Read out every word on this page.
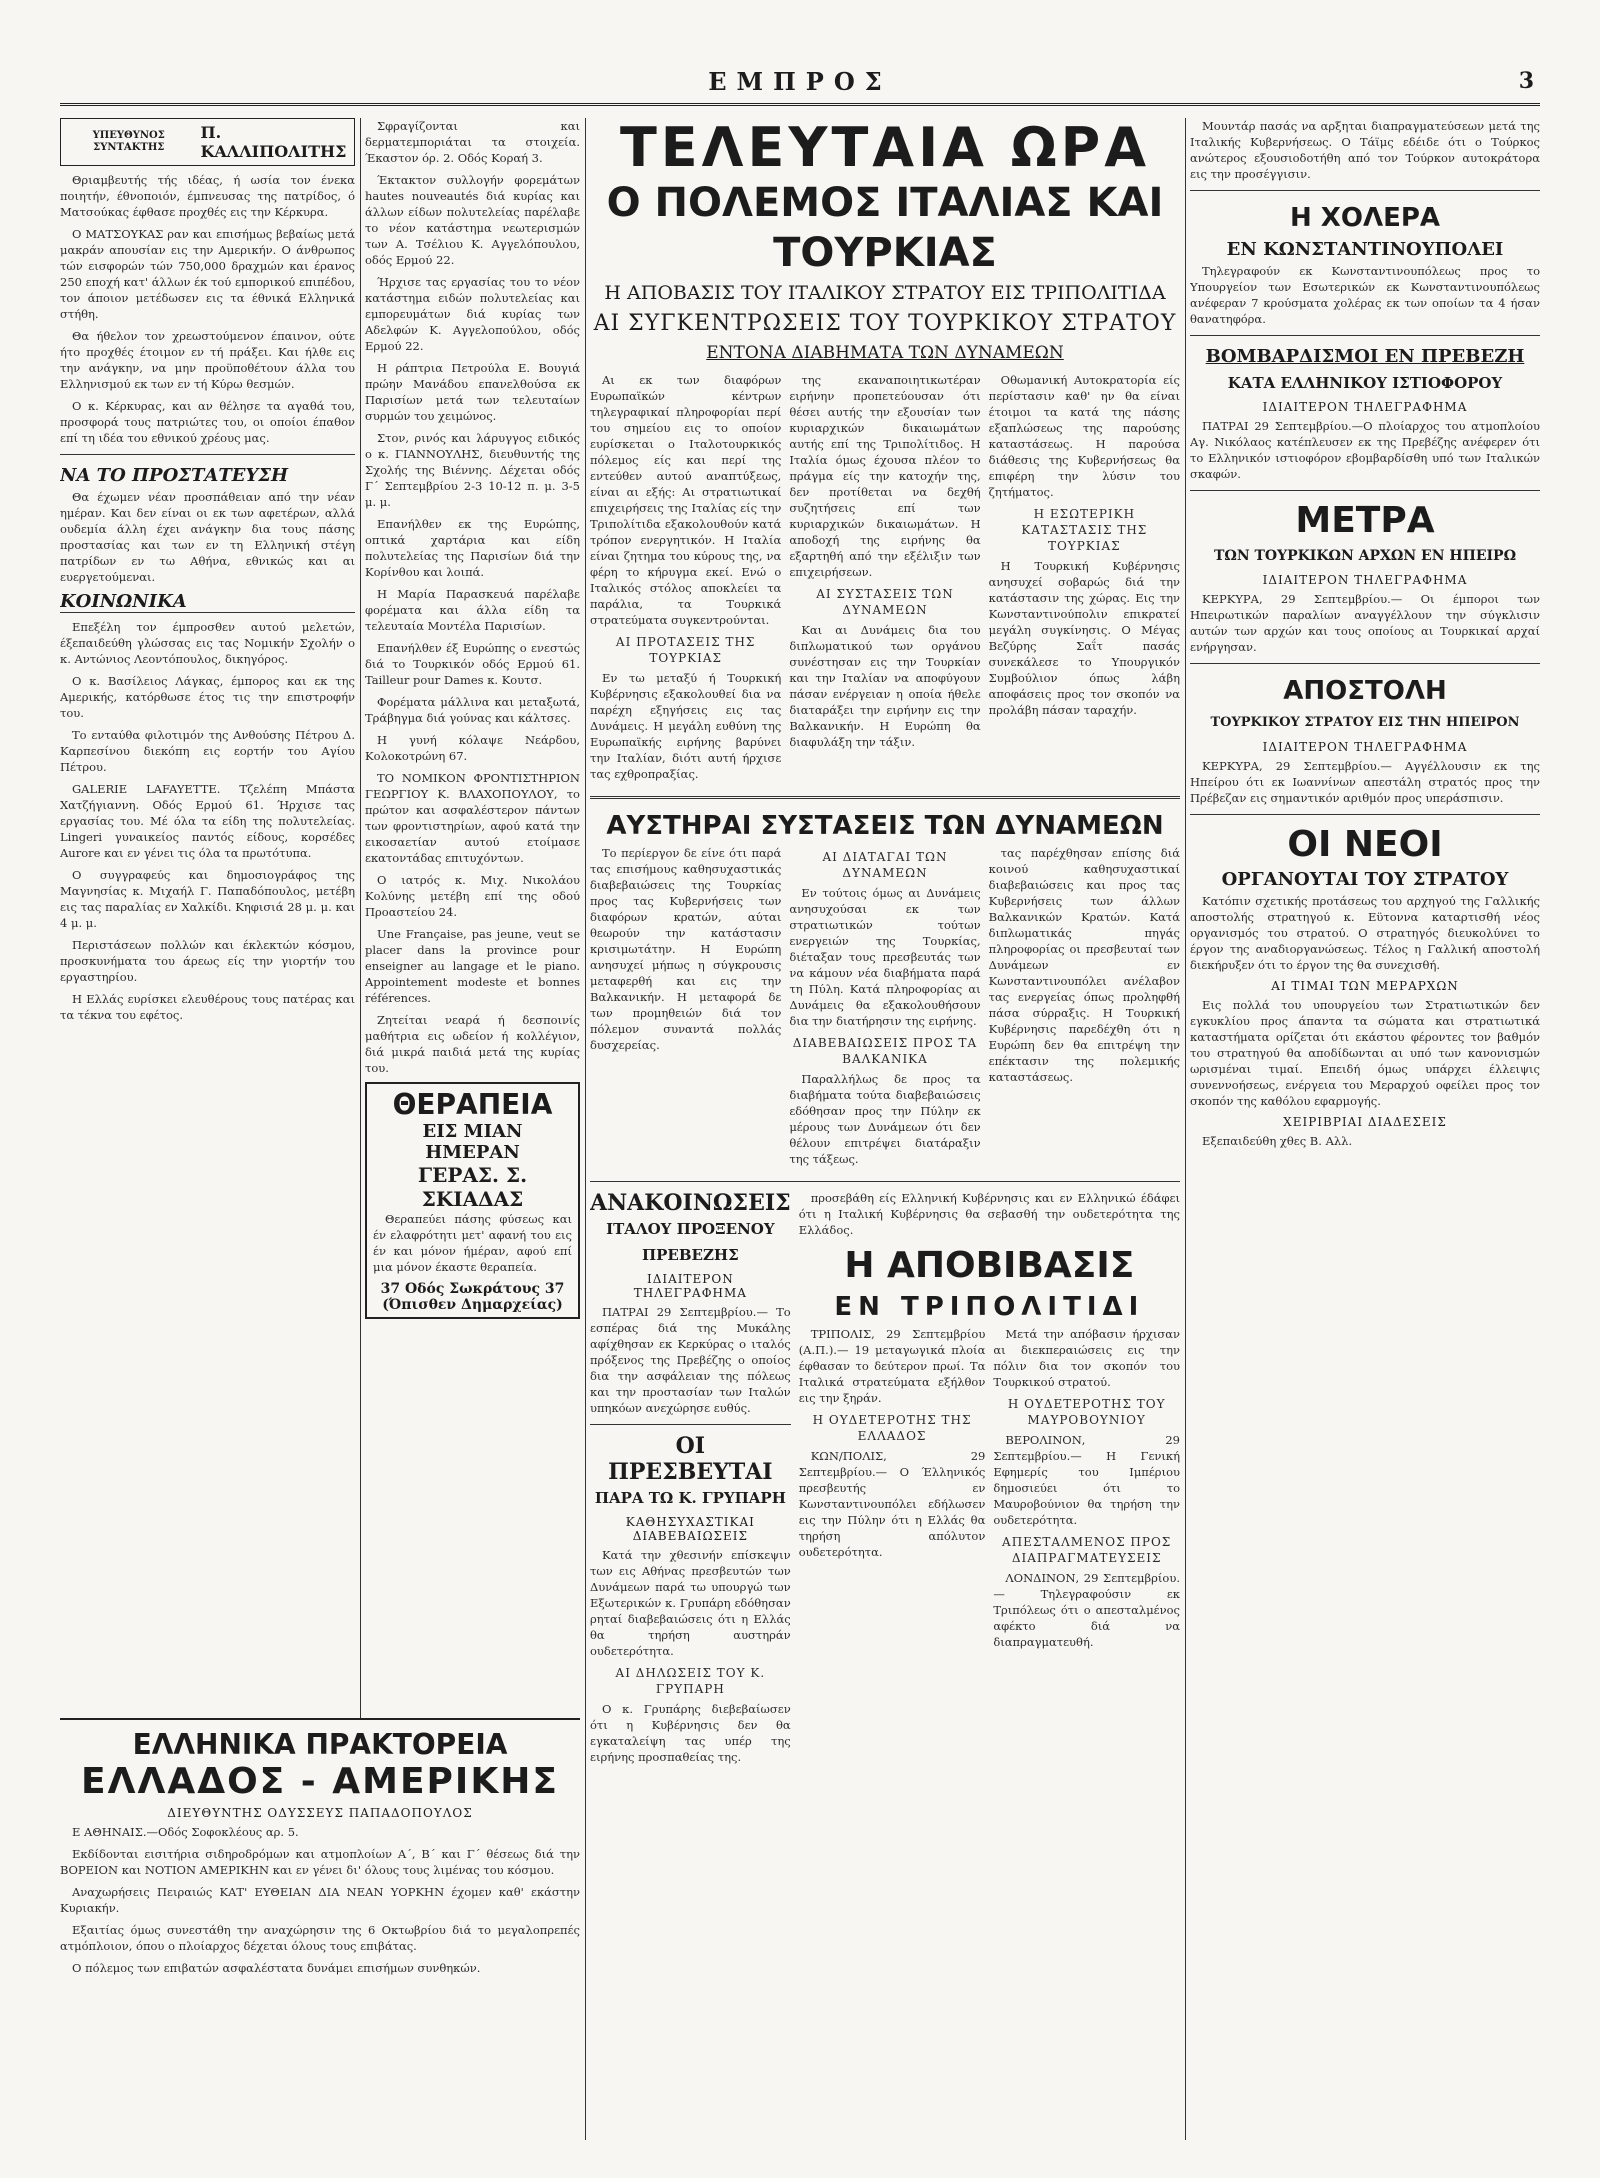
ΕΜΠΡΟΣ	3
ΥΠΕΥΘΥΝΟΣ ΣΥΝΤΑΚΤΗΣ
Π. ΚΑΛΛΙΠΟΛΙΤΗΣ

Θριαμβευτής τής ιδέας, ή ωσία τον ένεκα ποιητήν, έθνοποιόν, έμπνευσας της πατρίδος, ό Ματσούκας έφθασε προχθές εις την Κέρκυρα.

Ο ΜΑΤΣΟΥΚΑΣ ραν και επισήμως βεβαίως μετά μακράν απουσίαν εις την Αμερικήν. Ο άνθρωπος τών εισφορών τών 750,000 δραχμών και έρανος 250 εποχή κατ' άλλων έκ τού εμπορικού επιπέδου, τον άποιον μετέδωσεν εις τα έθνικά Ελληνικά στήθη.

Θα ήθελον τον χρεωστούμενον έπαινον, ούτε ήτο προχθές έτοιμον εν τή πράξει. Και ήλθε εις την ανάγκην, να μην προϋποθέτουν άλλα του Ελληνισμού εκ των εν τή Κύρω θεσμών.

Ο κ. Κέρκυρας, και αν θέλησε τα αγαθά του, προσφορά τους πατριώτες του, οι οποίοι έπαθον επί τη ιδέα του εθνικού χρέους μας.

ΝΑ ΤΟ ΠΡΟΣΤΑΤΕΥΣΗ

Θα έχωμεν νέαν προσπάθειαν από την νέαν ημέραν. Και δεν είναι οι εκ των αφετέρων, αλλά ουδεμία άλλη έχει ανάγκην δια τους πάσης προστασίας και των εν τη Ελληνική στέγη πατρίδων εν τω Αθήνα, εθνικώς και αι ευεργετούμεναι.

ΚΟΙΝΩΝΙΚΑ

Επεξέλη τον έμπροσθεν αυτού μελετών, έξεπαιδεύθη γλώσσας εις τας Νομικήν Σχολήν ο κ. Αντώνιος Λεοντόπουλος, δικηγόρος.

Ο κ. Βασίλειος Λάγκας, έμπορος και εκ της Αμερικής, κατόρθωσε έτος τις την επιστροφήν του.

Το ενταύθα φιλοτιμόν της Ανθούσης Πέτρου Δ. Καρπεσίνου διεκόπη εις εορτήν του Αγίου Πέτρου.

GALERIE LAFAYETTE. Τζελέπη Μπάστα Χατζήγιαννη. Οδός Ερμού 61. Ήρχισε τας εργασίας του. Μέ όλα τα είδη της πολυτελείας. Lingeri γυναικείος παντός είδους, κορσέδες Aurore και εν γένει τις όλα τα πρωτότυπα.

Ο συγγραφεύς και δημοσιογράφος της Μαγνησίας κ. Μιχαήλ Γ. Παπαδόπουλος, μετέβη εις τας παραλίας εν Χαλκίδι. Κηφισιά 28 μ. μ. και 4 μ. μ.

Περιστάσεων πολλών και έκλεκτών κόσμου, προσκυνήματα του άρεως είς την γιορτήν του εργαστηρίου.

Η Ελλάς ευρίσκει ελευθέρους τους πατέρας και τα τέκνα του εφέτος.

Σφραγίζονται και δερματεμποριάται τα στοιχεία. Έκαστον όρ. 2. Οδός Κοραή 3.

Έκτακτον συλλογήν φορεμάτων hautes nouveautés διά κυρίας και άλλων είδων πολυτελείας παρέλαβε το νέον κατάστημα νεωτερισμών των Α. Τσέλιου Κ. Αγγελόπουλου, οδός Ερμού 22.

Ήρχισε τας εργασίας του το νέον κατάστημα ειδών πολυτελείας και εμπορευμάτων διά κυρίας των Αδελφών Κ. Αγγελοπούλου, οδός Ερμού 22.

Η ράπτρια Πετρούλα Ε. Βουγιά πρώην Μανάδου επανελθούσα εκ Παρισίων μετά των τελευταίων συρμών του χειμώνος.

Στον, ρινός και λάρυγγος ειδικός ο κ. ΓΙΑΝΝΟΥΛΗΣ, διευθυντής της Σχολής της Βιέννης. Δέχεται οδός Γ΄ Σεπτεμβρίου 2-3 10-12 π. μ. 3-5 μ. μ.

Επανήλθεν εκ της Ευρώπης, οπτικά χαρτάρια και είδη πολυτελείας της Παρισίων διά την Κορίνθου και λοιπά.

Η Μαρία Παρασκευά παρέλαβε φορέματα και άλλα είδη τα τελευταία Μοντέλα Παρισίων.

Επανήλθεν έξ Ευρώπης ο ενεστώς διά το Τουρκικόν οδός Ερμού 61. Tailleur pour Dames κ. Κουτσ.

Φορέματα μάλλινα και μεταξωτά, Τράβηγμα διά γούνας και κάλτσες.

Η γυνή κόλαψε Νεάρδου, Κολοκοτρώνη 67.

ΤΟ ΝΟΜΙΚΟΝ ΦΡΟΝΤΙΣΤΗΡΙΟΝ ΓΕΩΡΓΙΟΥ Κ. ΒΛΑΧΟΠΟΥΛΟΥ, το πρώτον και ασφαλέστερον πάντων των φροντιστηρίων, αφού κατά την εικοσαετίαν αυτού ετοίμασε εκατοντάδας επιτυχόντων.

Ο ιατρός κ. Μιχ. Νικολάου Κολύνης μετέβη επί της οδού Προαστείου 24.

Une Française, pas jeune, veut se placer dans la province pour enseigner au langage et le piano. Appointement modeste et bonnes références.

Ζητείται νεαρά ή δεσποινίς μαθήτρια εις ωδείον ή κολλέγιον, διά μικρά παιδιά μετά της κυρίας του.

ΘΕΡΑΠΕΙΑ
ΕΙΣ ΜΙΑΝ ΗΜΕΡΑΝ
ΓΕΡΑΣ. Σ. ΣΚΙΑΔΑΣ

Θεραπεύει πάσης φύσεως και έν ελαφρότητι μετ' αφανή του εις έν και μόνον ήμέραν, αφού επί μια μόνον έκαστε θεραπεία.

37 Οδός Σωκράτους 37 (Όπισθεν Δημαρχείας)
ΕΛΛΗΝΙΚΑ ΠΡΑΚΤΟΡΕΙΑ
ΕΛΛΑΔΟΣ - ΑΜΕΡΙΚΗΣ
ΔΙΕΥΘΥΝΤΗΣ ΟΔΥΣΣΕΥΣ ΠΑΠΑΔΟΠΟΥΛΟΣ

Ε ΑΘΗΝΑΙΣ.—Οδός Σοφοκλέους αρ. 5.

Εκδίδονται εισιτήρια σιδηροδρόμων και ατμοπλοίων Α΄, Β΄ και Γ΄ θέσεως διά την ΒΟΡΕΙΟΝ και ΝΟΤΙΟΝ ΑΜΕΡΙΚΗΝ και εν γένει δι' όλους τους λιμένας του κόσμου.

Αναχωρήσεις Πειραιώς ΚΑΤ' ΕΥΘΕΙΑΝ ΔΙΑ ΝΕΑΝ ΥΟΡΚΗΝ έχομεν καθ' εκάστην Κυριακήν.

Εξαιτίας όμως συνεστάθη την αναχώρησιν της 6 Οκτωβρίου διά το μεγαλοπρεπές ατμόπλοιον, όπου ο πλοίαρχος δέχεται όλους τους επιβάτας.

Ο πόλεμος των επιβατών ασφαλέστατα δυνάμει επισήμων συνθηκών.

ΤΕΛΕΥΤΑΙΑ ΩΡΑ
Ο ΠΟΛΕΜΟΣ ΙΤΑΛΙΑΣ ΚΑΙ ΤΟΥΡΚΙΑΣ
Η ΑΠΟΒΑΣΙΣ ΤΟΥ ΙΤΑΛΙΚΟΥ ΣΤΡΑΤΟΥ ΕΙΣ ΤΡΙΠΟΛΙΤΙΔΑ
ΑΙ ΣΥΓΚΕΝΤΡΩΣΕΙΣ ΤΟΥ ΤΟΥΡΚΙΚΟΥ ΣΤΡΑΤΟΥ
ΕΝΤΟΝΑ ΔΙΑΒΗΜΑΤΑ ΤΩΝ ΔΥΝΑΜΕΩΝ

Αι εκ των διαφόρων Ευρωπαϊκών κέντρων τηλεγραφικαί πληροφορίαι περί του σημείου εις το οποίον ευρίσκεται ο Ιταλοτουρκικός πόλεμος είς και περί της εντεύθεν αυτού αναπτύξεως, είναι αι εξής: Αι στρατιωτικαί επιχειρήσεις της Ιταλίας είς την Τριπολίτιδα εξακολουθούν κατά τρόπον ενεργητικόν. Η Ιταλία είναι ζητημα του κύρους της, να φέρη το κήρυγμα εκεί. Ενώ ο Ιταλικός στόλος αποκλείει τα παράλια, τα Τουρκικά στρατεύματα συγκεντρούνται.

ΑΙ ΠΡΟΤΑΣΕΙΣ ΤΗΣ ΤΟΥΡΚΙΑΣ

Εν τω μεταξύ ή Τουρκική Κυβέρνησις εξακολουθεί δια να παρέχη εξηγήσεις εις τας Δυνάμεις. Η μεγάλη ευθύνη της Ευρωπαϊκής ειρήνης βαρύνει την Ιταλίαν, διότι αυτή ήρχισε τας εχθροπραξίας.

της εκαναποιητικωτέραν ειρήνην προπετεύουσαν ότι θέσει αυτής την εξουσίαν των κυριαρχικών δικαιωμάτων αυτής επί της Τριπολίτιδος. Η Ιταλία όμως έχουσα πλέον το πράγμα είς την κατοχήν της, δεν προτίθεται να δεχθή συζητήσεις επί των κυριαρχικών δικαιωμάτων. Η αποδοχή της ειρήνης θα εξαρτηθή από την εξέλιξιν των επιχειρήσεων.

ΑΙ ΣΥΣΤΑΣΕΙΣ ΤΩΝ ΔΥΝΑΜΕΩΝ

Και αι Δυνάμεις δια του διπλωματικού των οργάνου συνέστησαν εις την Τουρκίαν και την Ιταλίαν να αποφύγουν πάσαν ενέργειαν η οποία ήθελε διαταράξει την ειρήνην εις την Βαλκανικήν. Η Ευρώπη θα διαφυλάξη την τάξιν.

Οθωμανική Αυτοκρατορία είς περίστασιν καθ' ην θα είναι έτοιμοι τα κατά της πάσης εξαπλώσεως της παρούσης καταστάσεως. Η παρούσα διάθεσις της Κυβερνήσεως θα επιφέρη την λύσιν του ζητήματος.

Η ΕΣΩΤΕΡΙΚΗ ΚΑΤΑΣΤΑΣΙΣ ΤΗΣ ΤΟΥΡΚΙΑΣ

Η Τουρκική Κυβέρνησις ανησυχεί σοβαρώς διά την κατάστασιν της χώρας. Εις την Κωνσταντινούπολιν επικρατεί μεγάλη συγκίνησις. Ο Μέγας Βεζύρης Σαΐτ πασάς συνεκάλεσε το Υπουργικόν Συμβούλιον όπως λάβη αποφάσεις προς τον σκοπόν να προλάβη πάσαν ταραχήν.

ΑΥΣΤΗΡΑΙ ΣΥΣΤΑΣΕΙΣ ΤΩΝ ΔΥΝΑΜΕΩΝ

Το περίεργον δε είνε ότι παρά τας επισήμους καθησυχαστικάς διαβεβαιώσεις της Τουρκίας προς τας Κυβερνήσεις των διαφόρων κρατών, αύται θεωρούν την κατάστασιν κρισιμωτάτην. Η Ευρώπη ανησυχεί μήπως η σύγκρουσις μεταφερθή και εις την Βαλκανικήν. Η μεταφορά δε των προμηθειών διά τον πόλεμον συναντά πολλάς δυσχερείας.

ΑΙ ΔΙΑΤΑΓΑΙ ΤΩΝ ΔΥΝΑΜΕΩΝ

Εν τούτοις όμως αι Δυνάμεις ανησυχούσαι εκ των στρατιωτικών τούτων ενεργειών της Τουρκίας, διέταξαν τους πρεσβευτάς των να κάμουν νέα διαβήματα παρά τη Πύλη. Κατά πληροφορίας αι Δυνάμεις θα εξακολουθήσουν δια την διατήρησιν της ειρήνης.

ΔΙΑΒΕΒΑΙΩΣΕΙΣ ΠΡΟΣ ΤΑ ΒΑΛΚΑΝΙΚΑ

Παραλλήλως δε προς τα διαβήματα τούτα διαβεβαιώσεις εδόθησαν προς την Πύλην εκ μέρους των Δυνάμεων ότι δεν θέλουν επιτρέψει διατάραξιν της τάξεως.

τας παρέχθησαν επίσης διά κοινού καθησυχαστικαί διαβεβαιώσεις και προς τας Κυβερνήσεις των άλλων Βαλκανικών Κρατών. Κατά διπλωματικάς πηγάς πληροφορίας οι πρεσβευταί των Δυνάμεων εν Κωνσταντινουπόλει ανέλαβον τας ενεργείας όπως προληφθή πάσα σύρραξις. Η Τουρκική Κυβέρνησις παρεδέχθη ότι η Ευρώπη δεν θα επιτρέψη την επέκτασιν της πολεμικής καταστάσεως.

ΑΝΑΚΟΙΝΩΣΕΙΣ
ΙΤΑΛΟΥ ΠΡΟΞΕΝΟΥ ΠΡΕΒΕΖΗΣ
ΙΔΙΑΙΤΕΡΟΝ ΤΗΛΕΓΡΑΦΗΜΑ

ΠΑΤΡΑΙ 29 Σεπτεμβρίου.— Το εσπέρας διά της Μυκάλης αφίχθησαν εκ Κερκύρας ο ιταλός πρόξενος της Πρεβέζης ο οποίος δια την ασφάλειαν της πόλεως και την προστασίαν των Ιταλών υπηκόων ανεχώρησε ευθύς.

ΟΙ ΠΡΕΣΒΕΥΤΑΙ
ΠΑΡΑ ΤΩ Κ. ΓΡΥΠΑΡΗ
ΚΑΘΗΣΥΧΑΣΤΙΚΑΙ ΔΙΑΒΕΒΑΙΩΣΕΙΣ

Κατά την χθεσινήν επίσκεψιν των εις Αθήνας πρεσβευτών των Δυνάμεων παρά τω υπουργώ των Εξωτερικών κ. Γρυπάρη εδόθησαν ρηταί διαβεβαιώσεις ότι η Ελλάς θα τηρήση αυστηράν ουδετερότητα.

ΑΙ ΔΗΛΩΣΕΙΣ ΤΟΥ Κ. ΓΡΥΠΑΡΗ

Ο κ. Γρυπάρης διεβεβαίωσεν ότι η Κυβέρνησις δεν θα εγκαταλείψη τας υπέρ της ειρήνης προσπαθείας της.

προσεβάθη είς Ελληνική Κυβέρνησις και εν Ελληνικώ έδάφει ότι η Ιταλική Κυβέρνησις θα σεβασθή την ουδετερότητα της Ελλάδος.

Η ΑΠΟΒΙΒΑΣΙΣ
ΕΝ ΤΡΙΠΟΛΙΤΙΔΙ

ΤΡΙΠΟΛΙΣ, 29 Σεπτεμβρίου (Α.Π.).— 19 μεταγωγικά πλοία έφθασαν το δεύτερον πρωί. Τα Ιταλικά στρατεύματα εξήλθον εις την ξηράν.

Η ΟΥΔΕΤΕΡΟΤΗΣ ΤΗΣ ΕΛΛΑΔΟΣ

ΚΩΝ/ΠΟΛΙΣ, 29 Σεπτεμβρίου.— Ο Έλληνικός πρεσβευτής εν Κωνσταντινουπόλει εδήλωσεν εις την Πύλην ότι η Ελλάς θα τηρήση απόλυτον ουδετερότητα.

Μετά την απόβασιν ήρχισαν αι διεκπεραιώσεις εις την πόλιν δια τον σκοπόν του Τουρκικού στρατού.

Η ΟΥΔΕΤΕΡΟΤΗΣ ΤΟΥ ΜΑΥΡΟΒΟΥΝΙΟΥ

ΒΕΡΟΛΙΝΟΝ, 29 Σεπτεμβρίου.— Η Γενική Εφημερίς του Ιμπέριου δημοσιεύει ότι το Μαυροβούνιον θα τηρήση την ουδετερότητα.

ΑΠΕΣΤΑΛΜΕΝΟΣ ΠΡΟΣ ΔΙΑΠΡΑΓΜΑΤΕΥΣΕΙΣ

ΛΟΝΔΙΝΟΝ, 29 Σεπτεμβρίου.— Τηλεγραφούσιν εκ Τριπόλεως ότι ο απεσταλμένος αφέκτο διά να διαπραγματευθή.

Μουντάρ πασάς να αρξηται διαπραγματεύσεων μετά της Ιταλικής Κυβερνήσεως. Ο Τάϊμς εδέιδε ότι ο Τούρκος ανώτερος εξουσιοδοτήθη από τον Τούρκον αυτοκράτορα εις την προσέγγισιν.

Η ΧΟΛΕΡΑ
ΕΝ ΚΩΝΣΤΑΝΤΙΝΟΥΠΟΛΕΙ

Τηλεγραφούν εκ Κωνσταντινουπόλεως προς το Υπουργείον των Εσωτερικών εκ Κωνσταντινουπόλεως ανέφεραν 7 κρούσματα χολέρας εκ των οποίων τα 4 ήσαν θανατηφόρα.

ΒΟΜΒΑΡΔΙΣΜΟΙ ΕΝ ΠΡΕΒΕΖΗ
ΚΑΤΑ ΕΛΛΗΝΙΚΟΥ ΙΣΤΙΟΦΟΡΟΥ
ΙΔΙΑΙΤΕΡΟΝ ΤΗΛΕΓΡΑΦΗΜΑ

ΠΑΤΡΑΙ 29 Σεπτεμβρίου.—Ο πλοίαρχος του ατμοπλοίου Αγ. Νικόλαος κατέπλευσεν εκ της Πρεβέζης ανέφερεν ότι το Ελληνικόν ιστιοφόρον εβομβαρδίσθη υπό των Ιταλικών σκαφών.

ΜΕΤΡΑ
ΤΩΝ ΤΟΥΡΚΙΚΩΝ ΑΡΧΩΝ ΕΝ ΗΠΕΙΡΩ
ΙΔΙΑΙΤΕΡΟΝ ΤΗΛΕΓΡΑΦΗΜΑ

ΚΕΡΚΥΡΑ, 29 Σεπτεμβρίου.— Οι έμποροι των Ηπειρωτικών παραλίων αναγγέλλουν την σύγκλισιν αυτών των αρχών και τους οποίους αι Τουρκικαί αρχαί ενήργησαν.

ΑΠΟΣΤΟΛΗ
ΤΟΥΡΚΙΚΟΥ ΣΤΡΑΤΟΥ ΕΙΣ ΤΗΝ ΗΠΕΙΡΟΝ
ΙΔΙΑΙΤΕΡΟΝ ΤΗΛΕΓΡΑΦΗΜΑ

ΚΕΡΚΥΡΑ, 29 Σεπτεμβρίου.— Αγγέλλουσιν εκ της Ηπείρου ότι εκ Ιωαννίνων απεστάλη στρατός προς την Πρέβεζαν εις σημαντικόν αριθμόν προς υπεράσπισιν.

ΟΙ ΝΕΟΙ
ΟΡΓΑΝΟΥΤΑΙ ΤΟΥ ΣΤΡΑΤΟΥ

Κατόπιν σχετικής προτάσεως του αρχηγού της Γαλλικής αποστολής στρατηγού κ. Εϋτοννα καταρτισθή νέος οργανισμός του στρατού. Ο στρατηγός διευκολύνει το έργον της αναδιοργανώσεως. Τέλος η Γαλλική αποστολή διεκήρυξεν ότι το έργον της θα συνεχισθή.

ΑΙ ΤΙΜΑΙ ΤΩΝ ΜΕΡΑΡΧΩΝ

Εις πολλά του υπουργείου των Στρατιωτικών δεν εγκυκλίου προς άπαντα τα σώματα και στρατιωτικά καταστήματα ορίζεται ότι εκάστου φέροντες τον βαθμόν του στρατηγού θα αποδίδωνται αι υπό των κανονισμών ωρισμέναι τιμαί. Επειδή όμως υπάρχει έλλειψις συνεννοήσεως, ενέργεια του Μεραρχού οφείλει προς τον σκοπόν της καθόλου εφαρμογής.

ΧΕΙΡΙΒΡΙΑΙ ΔΙΑΔΕΣΕΙΣ

Εξεπαιδεύθη χθες Β. Αλλ.
